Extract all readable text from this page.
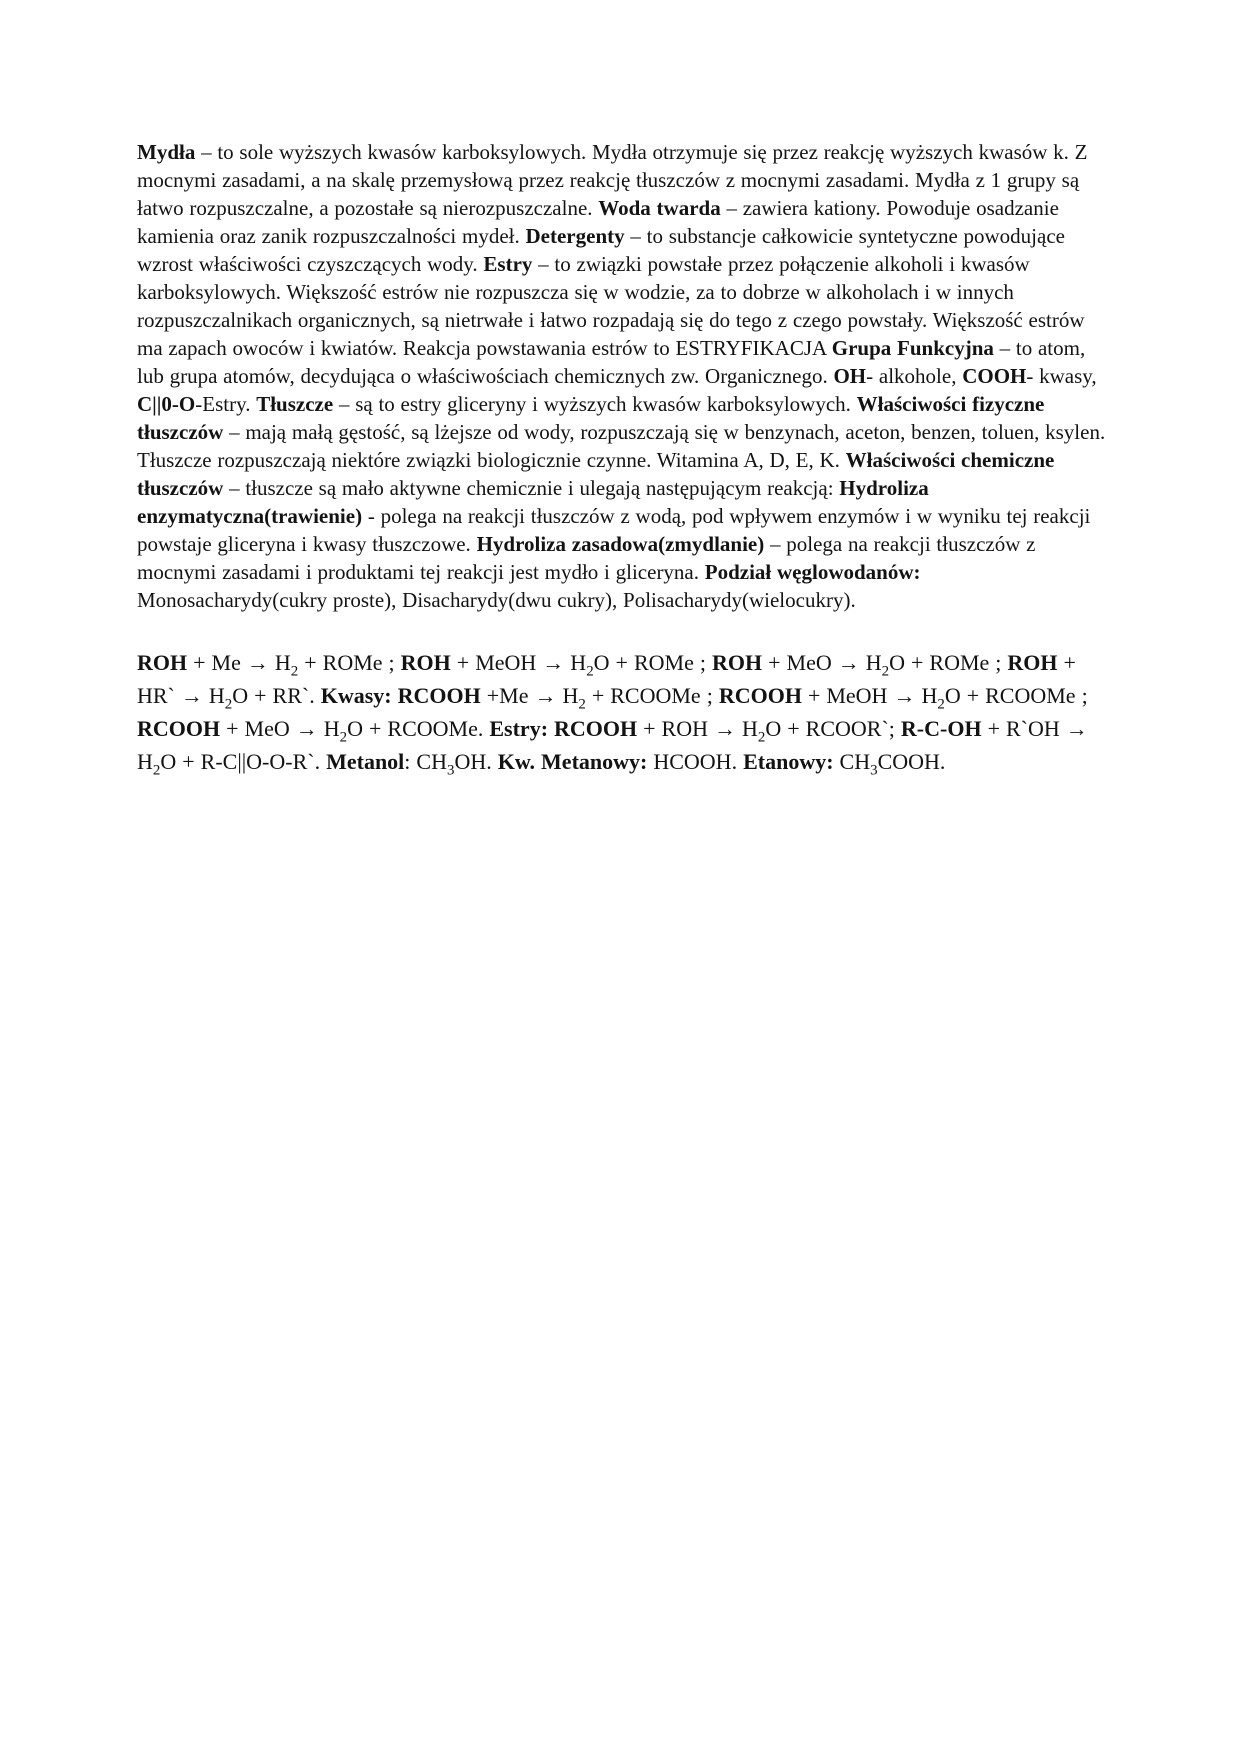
Mydła – to sole wyższych kwasów karboksylowych. Mydła otrzymuje się przez reakcję wyższych kwasów k. Z mocnymi zasadami, a na skalę przemysłową przez reakcję tłuszczów z mocnymi zasadami. Mydła z 1 grupy są łatwo rozpuszczalne, a pozostałe są nierozpuszczalne. Woda twarda – zawiera kationy. Powoduje osadzanie kamienia oraz zanik rozpuszczalności mydeł. Detergenty – to substancje całkowicie syntetyczne powodujące wzrost właściwości czyszczących wody. Estry – to związki powstałe przez połączenie alkoholi i kwasów karboksylowych. Większość estrów nie rozpuszcza się w wodzie, za to dobrze w alkoholach i w innych rozpuszczalnikach organicznych, są nietrwałe i łatwo rozpadają się do tego z czego powstały. Większość estrów ma zapach owoców i kwiatów. Reakcja powstawania estrów to ESTRYFIKACJA Grupa Funkcyjna – to atom, lub grupa atomów, decydująca o właściwościach chemicznych zw. Organicznego. OH- alkohole, COOH- kwasy, C||0-O-Estry. Tłuszcze – są to estry gliceryny i wyższych kwasów karboksylowych. Właściwości fizyczne tłuszczów – mają małą gęstość, są lżejsze od wody, rozpuszczają się w benzynach, aceton, benzen, toluen, ksylen. Tłuszcze rozpuszczają niektóre związki biologicznie czynne. Witamina A, D, E, K. Właściwości chemiczne tłuszczów – tłuszcze są mało aktywne chemicznie i ulegają następującym reakcją: Hydroliza enzymatyczna(trawienie) - polega na reakcji tłuszczów z wodą, pod wpływem enzymów i w wyniku tej reakcji powstaje gliceryna i kwasy tłuszczowe. Hydroliza zasadowa(zmydlanie) – polega na reakcji tłuszczów z mocnymi zasadami i produktami tej reakcji jest mydło i gliceryna. Podział węglowodanów: Monosacharydy(cukry proste), Disacharydy(dwu cukry), Polisacharydy(wielocukry).
ROH + $Me \to H_2$ + ROMe ; ROH + MeOH → $H_2O$ + ROMe ; ROH + MeO → $H_2O$ + ROMe ; ROH + HR` → $H_2O$ + RR`. Kwasy: RCOOH $+Me \to H_2$ + RCOOMe ; RCOOH + MeOH → $H_2O$ + RCOOMe ; RCOOH + MeO → $H_2O$ + RCOOMe. Estry: RCOOH + ROH → $H_2O$ + RCOOR`; R-C-OH + R`OH → $H_2O$ + R-C||O-O-R`. Metanol: $CH_3OH$. Kw. Metanowy: HCOOH. Etanowy: $CH_3COOH$.
